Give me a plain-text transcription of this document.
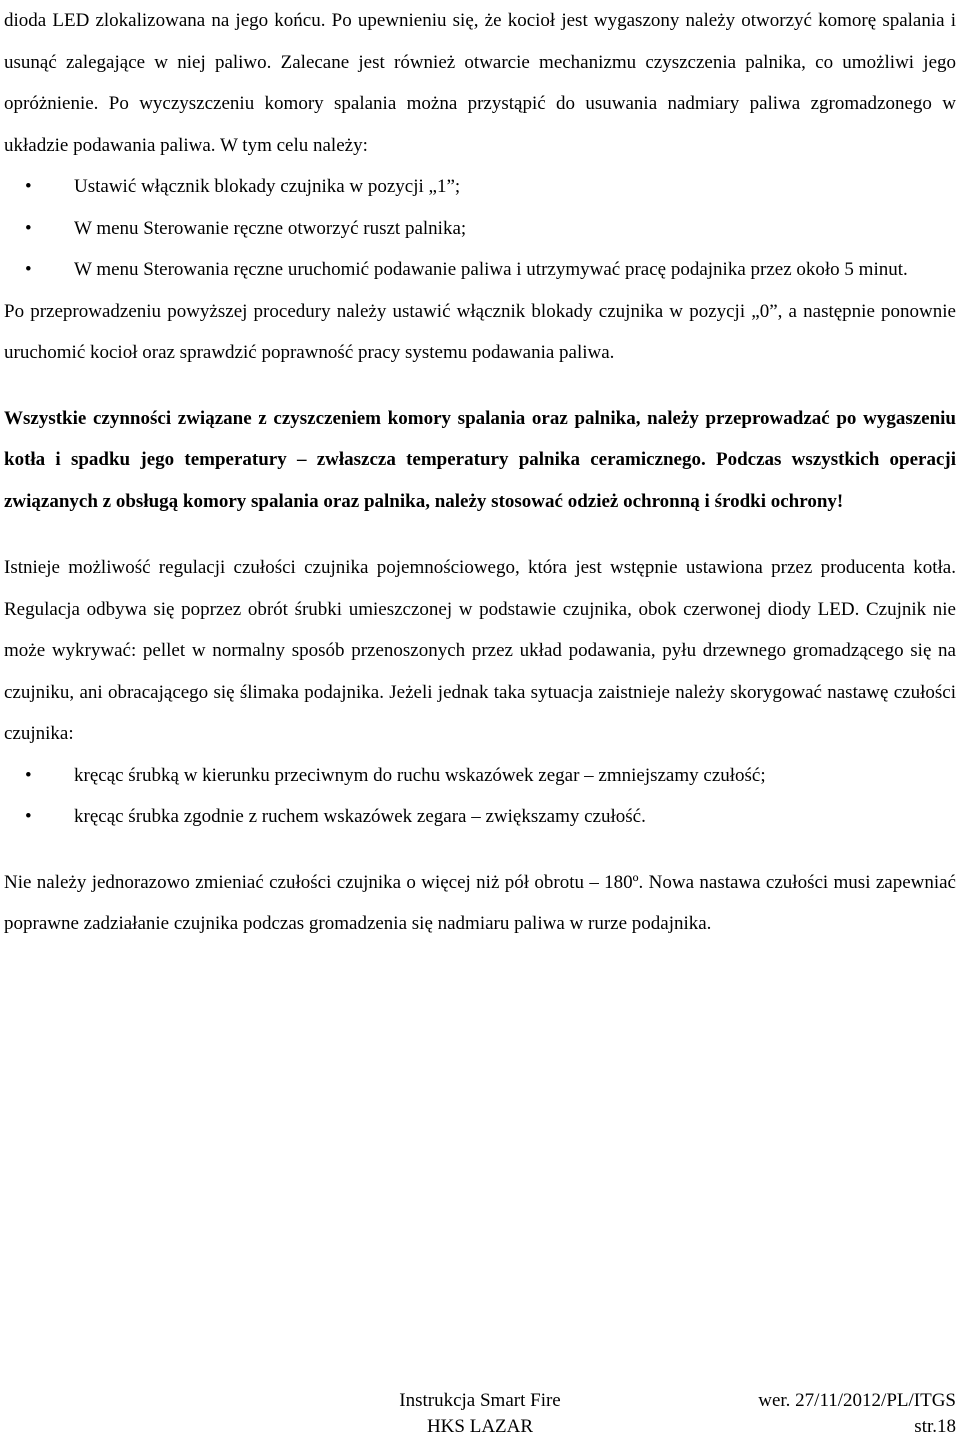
dioda LED zlokalizowana na jego końcu. Po upewnieniu się, że kocioł jest wygaszony należy otworzyć komorę spalania i usunąć zalegające w niej paliwo. Zalecane jest również otwarcie mechanizmu czyszczenia palnika, co umożliwi jego opróżnienie. Po wyczyszczeniu komory spalania można przystąpić do usuwania nadmiary paliwa zgromadzonego w układzie podawania paliwa. W tym celu należy:

• Ustawić włącznik blokady czujnika w pozycji „1”;
• W menu Sterowanie ręczne otworzyć ruszt palnika;
• W menu Sterowania ręczne uruchomić podawanie paliwa i utrzymywać pracę podajnika przez około 5 minut.

Po przeprowadzeniu powyższej procedury należy ustawić włącznik blokady czujnika w pozycji „0”, a następnie ponownie uruchomić kocioł oraz sprawdzić poprawność pracy systemu podawania paliwa.

Wszystkie czynności związane z czyszczeniem komory spalania oraz palnika, należy przeprowadzać po wygaszeniu kotła i spadku jego temperatury – zwłaszcza temperatury palnika ceramicznego. Podczas wszystkich operacji związanych z obsługą komory spalania oraz palnika, należy stosować odzież ochronną i środki ochrony!

Istnieje możliwość regulacji czułości czujnika pojemnościowego, która jest wstępnie ustawiona przez producenta kotła. Regulacja odbywa się poprzez obrót śrubki umieszczonej w podstawie czujnika, obok czerwonej diody LED. Czujnik nie może wykrywać: pellet w normalny sposób przenoszonych przez układ podawania, pyłu drzewnego gromadzącego się na czujniku, ani obracającego się ślimaka podajnika. Jeżeli jednak taka sytuacja zaistnieje należy skorygować nastawę czułości czujnika:

• kręcąc śrubką w kierunku przeciwnym do ruchu wskazówek zegar – zmniejszamy czułość;
• kręcąc śrubka zgodnie z ruchem wskazówek zegara – zwiększamy czułość.

Nie należy jednorazowo zmieniać czułości czujnika o więcej niż pół obrotu – 180º. Nowa nastawa czułości musi zapewniać poprawne zadziałanie czujnika podczas gromadzenia się nadmiaru paliwa w rurze podajnika.

Instrukcja Smart Fire
HKS LAZAR
wer. 27/11/2012/PL/ITGS
str.18
